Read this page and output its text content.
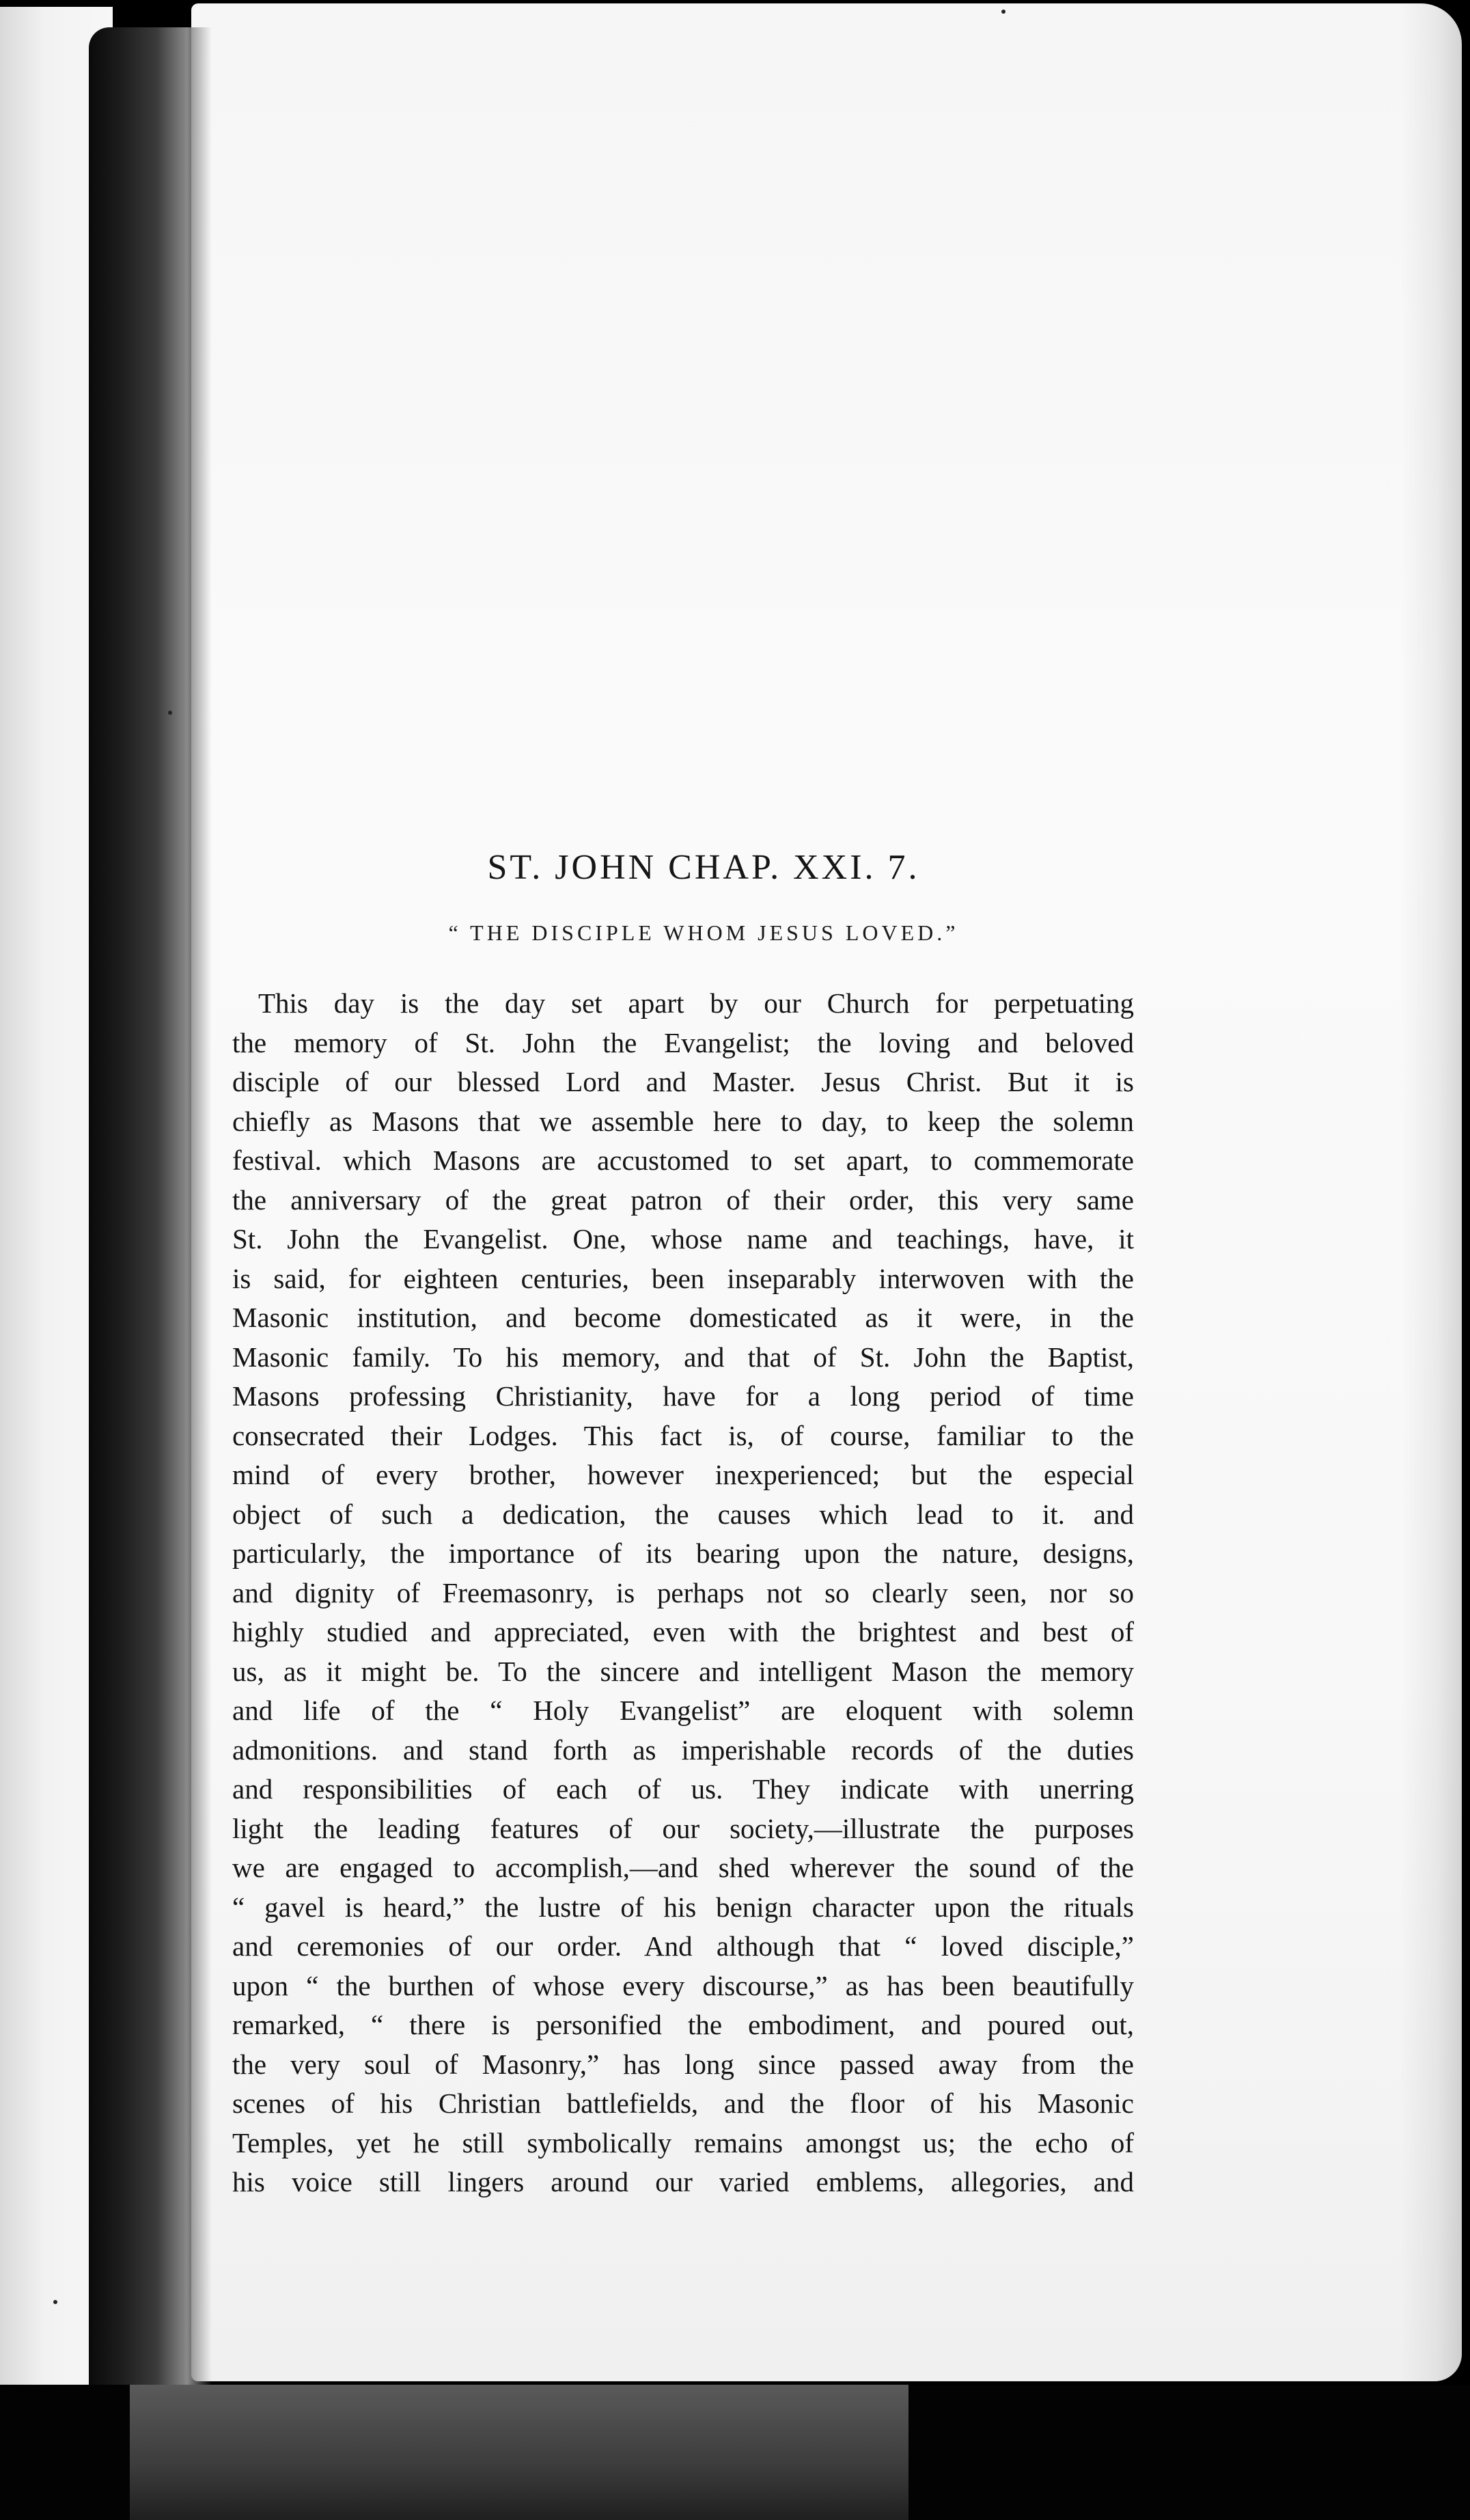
ST. JOHN CHAP. XXI. 7.
“ THE DISCIPLE WHOM JESUS LOVED.”
This day is the day set apart by our Church for perpetuating
the memory of St. John the Evangelist; the loving and beloved
disciple of our blessed Lord and Master. Jesus Christ. But it is
chiefly as Masons that we assemble here to day, to keep the solemn
festival. which Masons are accustomed to set apart, to commemorate
the anniversary of the great patron of their order, this very same
St. John the Evangelist. One, whose name and teachings, have, it
is said, for eighteen centuries, been inseparably interwoven with the
Masonic institution, and become domesticated as it were, in the
Masonic family. To his memory, and that of St. John the Baptist,
Masons professing Christianity, have for a long period of time
consecrated their Lodges. This fact is, of course, familiar to the
mind of every brother, however inexperienced; but the especial
object of such a dedication, the causes which lead to it. and
particularly, the importance of its bearing upon the nature, designs,
and dignity of Freemasonry, is perhaps not so clearly seen, nor so
highly studied and appreciated, even with the brightest and best of
us, as it might be. To the sincere and intelligent Mason the memory
and life of the “ Holy Evangelist” are eloquent with solemn
admonitions. and stand forth as imperishable records of the duties
and responsibilities of each of us. They indicate with unerring
light the leading features of our society,—illustrate the purposes
we are engaged to accomplish,—and shed wherever the sound of the
“ gavel is heard,” the lustre of his benign character upon the rituals
and ceremonies of our order. And although that “ loved disciple,”
upon “ the burthen of whose every discourse,” as has been beautifully
remarked, “ there is personified the embodiment, and poured out,
the very soul of Masonry,” has long since passed away from the
scenes of his Christian battlefields, and the floor of his Masonic
Temples, yet he still symbolically remains amongst us; the echo of
his voice still lingers around our varied emblems, allegories, and
